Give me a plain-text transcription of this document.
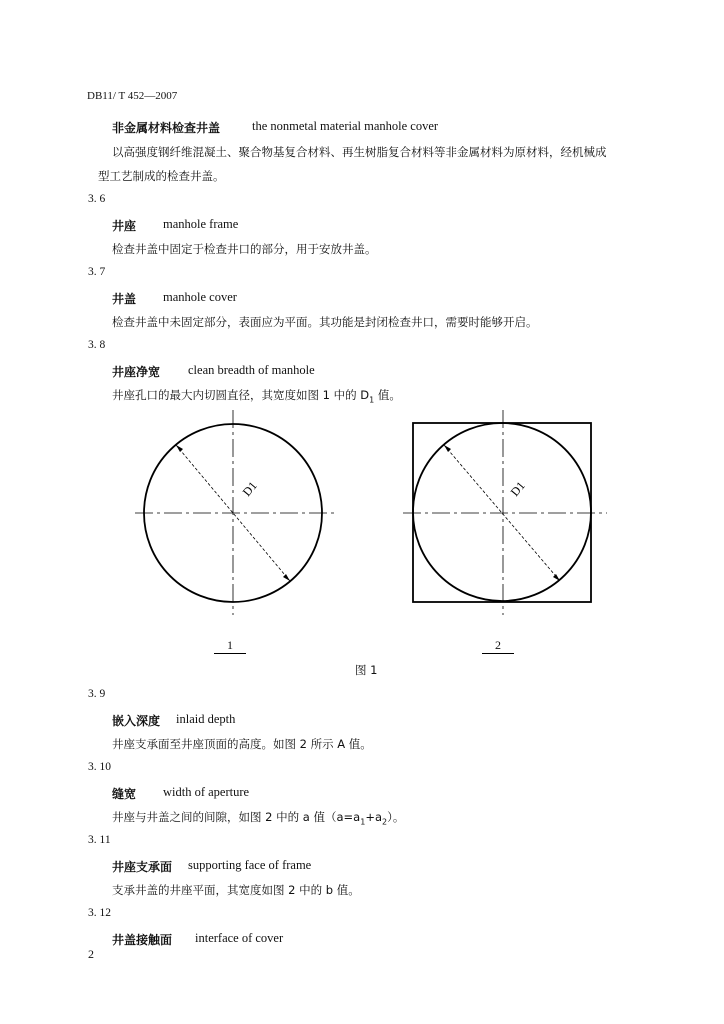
DB11/ T 452—2007
非金属材料检查井盖	the nonmetal material manhole cover
以高强度钢纤维混凝土、聚合物基复合材料、再生树脂复合材料等非金属材料为原材料，经机械成
型工艺制成的检查井盖。
3. 6
井座 manhole frame
检查井盖中固定于检查井口的部分，用于安放井盖。
3. 7
井盖 manhole cover
检查井盖中未固定部分，表面应为平面。其功能是封闭检查井口，需要时能够开启。
3. 8
井座净宽 clean breadth of manhole
井座孔口的最大内切圆直径，其宽度如图 1 中的 $D_1$ 值。
D1	D1
1	2
图 1
3. 9
嵌入深度 inlaid depth
井座支承面至井座顶面的高度。如图 2 所示 A 值。
3. 10
缝宽 width of aperture
井座与井盖之间的间隙，如图 2 中的 a 值$(a=a_1+a_2)$。
3. 11
井座支承面 supporting face of frame
支承井盖的井座平面，其宽度如图 2 中的 b 值。
3. 12
井盖接触面 interface of cover
2
